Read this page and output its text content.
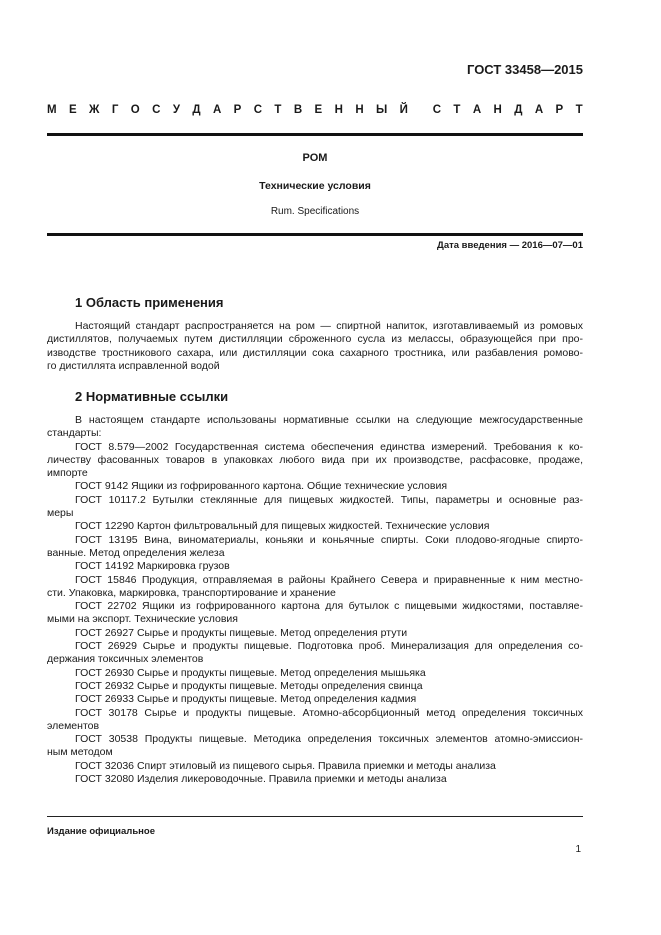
ГОСТ 33458—2015
М Е Ж Г О С У Д А Р С Т В Е Н Н Ы Й С Т А Н Д А Р Т
РОМ
Технические условия
Rum. Specifications
Дата введения — 2016—07—01
1 Область применения
Настоящий стандарт распространяется на ром — спиртной напиток, изготавливаемый из ромовых
дистиллятов, получаемых путем дистилляции сброженного сусла из мелассы, образующейся при про-
изводстве тростникового сахара, или дистилляции сока сахарного тростника, или разбавления ромово-
го дистиллята исправленной водой
2 Нормативные ссылки
В настоящем стандарте использованы нормативные ссылки на следующие межгосударственные
стандарты:
ГОСТ 8.579—2002 Государственная система обеспечения единства измерений. Требования к ко-
личеству фасованных товаров в упаковках любого вида при их производстве, расфасовке, продаже,
импорте
ГОСТ 9142 Ящики из гофрированного картона. Общие технические условия
ГОСТ 10117.2 Бутылки стеклянные для пищевых жидкостей. Типы, параметры и основные раз-
меры
ГОСТ 12290 Картон фильтровальный для пищевых жидкостей. Технические условия
ГОСТ 13195 Вина, виноматериалы, коньяки и коньячные спирты. Соки плодово-ягодные спирто-
ванные. Метод определения железа
ГОСТ 14192 Маркировка грузов
ГОСТ 15846 Продукция, отправляемая в районы Крайнего Севера и приравненные к ним местно-
сти. Упаковка, маркировка, транспортирование и хранение
ГОСТ 22702 Ящики из гофрированного картона для бутылок с пищевыми жидкостями, поставляе-
мыми на экспорт. Технические условия
ГОСТ 26927 Сырье и продукты пищевые. Метод определения ртути
ГОСТ 26929 Сырье и продукты пищевые. Подготовка проб. Минерализация для определения со-
держания токсичных элементов
ГОСТ 26930 Сырье и продукты пищевые. Метод определения мышьяка
ГОСТ 26932 Сырье и продукты пищевые. Методы определения свинца
ГОСТ 26933 Сырье и продукты пищевые. Метод определения кадмия
ГОСТ 30178 Сырье и продукты пищевые. Атомно-абсорбционный метод определения токсичных
элементов
ГОСТ 30538 Продукты пищевые. Методика определения токсичных элементов атомно-эмиссион-
ным методом
ГОСТ 32036 Спирт этиловый из пищевого сырья. Правила приемки и методы анализа
ГОСТ 32080 Изделия ликероводочные. Правила приемки и методы анализа
Издание официальное
1
